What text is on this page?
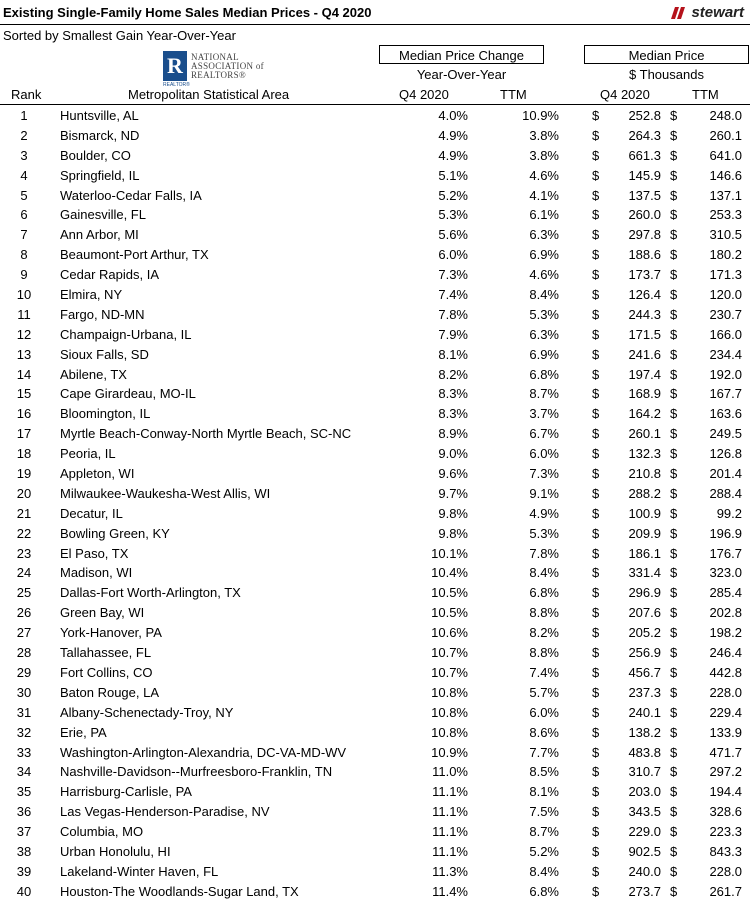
Existing Single-Family Home Sales Median Prices - Q4 2020	stewart
Sorted by Smallest Gain Year-Over-Year
R
REALTOR®
NATIONAL
ASSOCIATION of
REALTORS®
Median Price Change	Median Price
Year-Over-Year	$ Thousands
Rank	Metropolitan Statistical Area	Q4 2020	TTM	Q4 2020	TTM
1	Huntsville, AL	4.0%	10.9%	$ 252.8 $ 248.0
2	Bismarck, ND	4.9%	3.8%	$ 264.3 $ 260.1
3	Boulder, CO	4.9%	3.8%	$ 661.3 $ 641.0
4	Springfield, IL	5.1%	4.6%	$ 145.9 $ 146.6
5	Waterloo-Cedar Falls, IA	5.2%	4.1%	$ 137.5 $ 137.1
6	Gainesville, FL	5.3%	6.1%	$ 260.0 $ 253.3
7	Ann Arbor, MI	5.6%	6.3%	$ 297.8 $ 310.5
8	Beaumont-Port Arthur, TX	6.0%	6.9%	$ 188.6 $ 180.2
9	Cedar Rapids, IA	7.3%	4.6%	$ 173.7 $ 171.3
10	Elmira, NY	7.4%	8.4%	$ 126.4 $ 120.0
11	Fargo, ND-MN	7.8%	5.3%	$ 244.3 $ 230.7
12	Champaign-Urbana, IL	7.9%	6.3%	$ 171.5 $ 166.0
13	Sioux Falls, SD	8.1%	6.9%	$ 241.6 $ 234.4
14	Abilene, TX	8.2%	6.8%	$ 197.4 $ 192.0
15	Cape Girardeau, MO-IL	8.3%	8.7%	$ 168.9 $ 167.7
16	Bloomington, IL	8.3%	3.7%	$ 164.2 $ 163.6
17	Myrtle Beach-Conway-North Myrtle Beach, SC-NC	8.9%	6.7%	$ 260.1 $ 249.5
18	Peoria, IL	9.0%	6.0%	$ 132.3 $ 126.8
19	Appleton, WI	9.6%	7.3%	$ 210.8 $ 201.4
20	Milwaukee-Waukesha-West Allis, WI	9.7%	9.1%	$ 288.2 $ 288.4
21	Decatur, IL	9.8%	4.9%	$ 100.9 $	99.2
22	Bowling Green, KY	9.8%	5.3%	$ 209.9 $ 196.9
23	El Paso, TX	10.1%	7.8%	$ 186.1 $ 176.7
24	Madison, WI	10.4%	8.4%	$ 331.4 $ 323.0
25	Dallas-Fort Worth-Arlington, TX	10.5%	6.8%	$ 296.9 $ 285.4
26	Green Bay, WI	10.5%	8.8%	$ 207.6 $ 202.8
27	York-Hanover, PA	10.6%	8.2%	$ 205.2 $ 198.2
28	Tallahassee, FL	10.7%	8.8%	$ 256.9 $ 246.4
29	Fort Collins, CO	10.7%	7.4%	$ 456.7 $ 442.8
30	Baton Rouge, LA	10.8%	5.7%	$ 237.3 $ 228.0
31	Albany-Schenectady-Troy, NY	10.8%	6.0%	$ 240.1 $ 229.4
32	Erie, PA	10.8%	8.6%	$ 138.2 $ 133.9
33	Washington-Arlington-Alexandria, DC-VA-MD-WV	10.9%	7.7%	$ 483.8 $ 471.7
34	Nashville-Davidson--Murfreesboro-Franklin, TN	11.0%	8.5%	$ 310.7 $ 297.2
35	Harrisburg-Carlisle, PA	11.1%	8.1%	$ 203.0 $ 194.4
36	Las Vegas-Henderson-Paradise, NV	11.1%	7.5%	$ 343.5 $ 328.6
37	Columbia, MO	11.1%	8.7%	$ 229.0 $ 223.3
38	Urban Honolulu, HI	11.1%	5.2%	$ 902.5 $ 843.3
39	Lakeland-Winter Haven, FL	11.3%	8.4%	$ 240.0 $ 228.0
40	Houston-The Woodlands-Sugar Land, TX	11.4%	6.8%	$ 273.7 $ 261.7
